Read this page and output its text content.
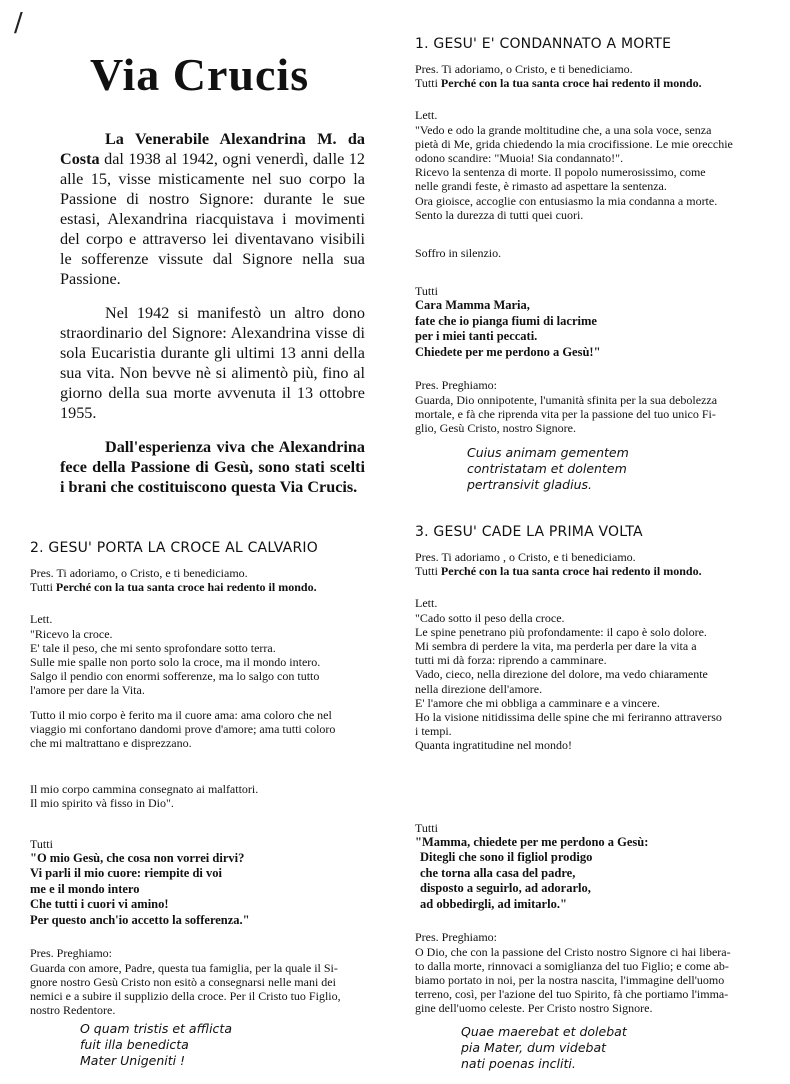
/
Via Crucis

La Venerabile Alexandrina M. da Costa dal 1938 al 1942, ogni venerdì, dalle 12 alle 15, visse misticamente nel suo corpo la Passione di nostro Signore: durante le sue estasi, Alexandrina riacquistava i movimenti del corpo e attraverso lei diventavano visibili le sofferenze vissute dal Signore nella sua Passione.

Nel 1942 si manifestò un altro dono straordinario del Signore: Alexandrina visse di sola Eucaristia durante gli ultimi 13 anni della sua vita. Non bevve nè si alimentò più, fino al giorno della sua morte avvenuta il 13 ottobre 1955.

Dall'esperienza viva che Alexandrina fece della Passione di Gesù, sono stati scelti i brani che costituiscono questa Via Crucis.

1. GESU' E' CONDANNATO A MORTE

Pres. Ti adoriamo, o Cristo, e ti benediciamo.

Tutti Perché con la tua santa croce hai redento il mondo.

Lett.

"Vedo e odo la grande moltitudine che, a una sola voce, senza

pietà di Me, grida chiedendo la mia crocifissione. Le mie orecchie

odono scandire: "Muoia! Sia condannato!".

Ricevo la sentenza di morte. Il popolo numerosissimo, come

nelle grandi feste, è rimasto ad aspettare la sentenza.

Ora gioisce, accoglie con entusiasmo la mia condanna a morte.

Sento la durezza di tutti quei cuori.

Soffro in silenzio.

Tutti

Cara Mamma Maria,

fate che io pianga fiumi di lacrime

per i miei tanti peccati.

Chiedete per me perdono a Gesù!"

Pres. Preghiamo:

Guarda, Dio onnipotente, l'umanità sfinita per la sua debolezza

mortale, e fà che riprenda vita per la passione del tuo unico Fi-

glio, Gesù Cristo, nostro Signore.

Cuius animam gementem

contristatam et dolentem

pertransivit gladius.

2. GESU' PORTA LA CROCE AL CALVARIO

Pres. Ti adoriamo, o Cristo, e ti benediciamo.

Tutti Perché con la tua santa croce hai redento il mondo.

Lett.

"Ricevo la croce.

E' tale il peso, che mi sento sprofondare sotto terra.

Sulle mie spalle non porto solo la croce, ma il mondo intero.

Salgo il pendio con enormi sofferenze, ma lo salgo con tutto

l'amore per dare la Vita.

Tutto il mio corpo è ferito ma il cuore ama: ama coloro che nel

viaggio mi confortano dandomi prove d'amore; ama tutti coloro

che mi maltrattano e disprezzano.

Il mio corpo cammina consegnato ai malfattori.

Il mio spirito và fisso in Dio".

Tutti

"O mio Gesù, che cosa non vorrei dirvi?

Vi parli il mio cuore: riempite di voi

me e il mondo intero

Che tutti i cuori vi amino!

Per questo anch'io accetto la sofferenza."

Pres. Preghiamo:

Guarda con amore, Padre, questa tua famiglia, per la quale il Si-

gnore nostro Gesù Cristo non esitò a consegnarsi nelle mani dei

nemici e a subire il supplizio della croce. Per il Cristo tuo Figlio,

nostro Redentore.

O quam tristis et afflicta

fuit illa benedicta

Mater Unigeniti !

3. GESU' CADE LA PRIMA VOLTA

Pres. Ti adoriamo , o Cristo, e ti benediciamo.

Tutti Perché con la tua santa croce hai redento il mondo.

Lett.

"Cado sotto il peso della croce.

Le spine penetrano più profondamente: il capo è solo dolore.

Mi sembra di perdere la vita, ma perderla per dare la vita a

tutti mi dà forza: riprendo a camminare.

Vado, cieco, nella direzione del dolore, ma vedo chiaramente

nella direzione dell'amore.

E' l'amore che mi obbliga a camminare e a vincere.

Ho la visione nitidissima delle spine che mi feriranno attraverso

i tempi.

Quanta ingratitudine nel mondo!

Tutti

"Mamma, chiedete per me perdono a Gesù:

Ditegli che sono il figliol prodigo

che torna alla casa del padre,

disposto a seguirlo, ad adorarlo,

ad obbedirgli, ad imitarlo."

Pres. Preghiamo:

O Dio, che con la passione del Cristo nostro Signore ci hai libera-

to dalla morte, rinnovaci a somiglianza del tuo Figlio; e come ab-

biamo portato in noi, per la nostra nascita, l'immagine dell'uomo

terreno, così, per l'azione del tuo Spirito, fà che portiamo l'imma-

gine dell'uomo celeste. Per Cristo nostro Signore.

Quae maerebat et dolebat

pia Mater, dum videbat

nati poenas incliti.
